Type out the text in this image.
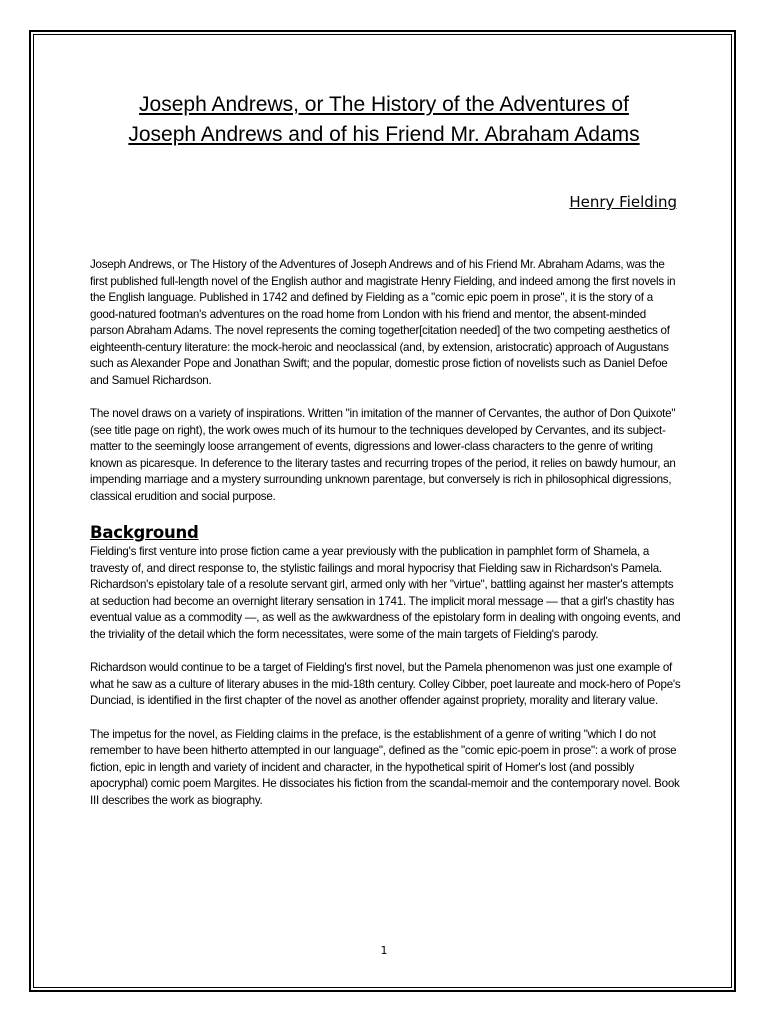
Joseph Andrews, or The History of the Adventures of
Joseph Andrews and of his Friend Mr. Abraham Adams
Henry Fielding

Joseph Andrews, or The History of the Adventures of Joseph Andrews and of his Friend Mr. Abraham Adams, was the first published full-length novel of the English author and magistrate Henry Fielding, and indeed among the first novels in the English language. Published in 1742 and defined by Fielding as a "comic epic poem in prose", it is the story of a good-natured footman's adventures on the road home from London with his friend and mentor, the absent-minded parson Abraham Adams. The novel represents the coming together[citation needed] of the two competing aesthetics of eighteenth-century literature: the mock-heroic and neoclassical (and, by extension, aristocratic) approach of Augustans such as Alexander Pope and Jonathan Swift; and the popular, domestic prose fiction of novelists such as Daniel Defoe and Samuel Richardson.

The novel draws on a variety of inspirations. Written "in imitation of the manner of Cervantes, the author of Don Quixote" (see title page on right), the work owes much of its humour to the techniques developed by Cervantes, and its subject-matter to the seemingly loose arrangement of events, digressions and lower-class characters to the genre of writing known as picaresque. In deference to the literary tastes and recurring tropes of the period, it relies on bawdy humour, an impending marriage and a mystery surrounding unknown parentage, but conversely is rich in philosophical digressions, classical erudition and social purpose.

Background

Fielding's first venture into prose fiction came a year previously with the publication in pamphlet form of Shamela, a travesty of, and direct response to, the stylistic failings and moral hypocrisy that Fielding saw in Richardson's Pamela. Richardson's epistolary tale of a resolute servant girl, armed only with her "virtue", battling against her master's attempts at seduction had become an overnight literary sensation in 1741. The implicit moral message — that a girl's chastity has eventual value as a commodity —, as well as the awkwardness of the epistolary form in dealing with ongoing events, and the triviality of the detail which the form necessitates, were some of the main targets of Fielding's parody.

Richardson would continue to be a target of Fielding's first novel, but the Pamela phenomenon was just one example of what he saw as a culture of literary abuses in the mid-18th century. Colley Cibber, poet laureate and mock-hero of Pope's Dunciad, is identified in the first chapter of the novel as another offender against propriety, morality and literary value.

The impetus for the novel, as Fielding claims in the preface, is the establishment of a genre of writing "which I do not remember to have been hitherto attempted in our language", defined as the "comic epic-poem in prose": a work of prose fiction, epic in length and variety of incident and character, in the hypothetical spirit of Homer's lost (and possibly apocryphal) comic poem Margites. He dissociates his fiction from the scandal-memoir and the contemporary novel. Book III describes the work as biography.

1
